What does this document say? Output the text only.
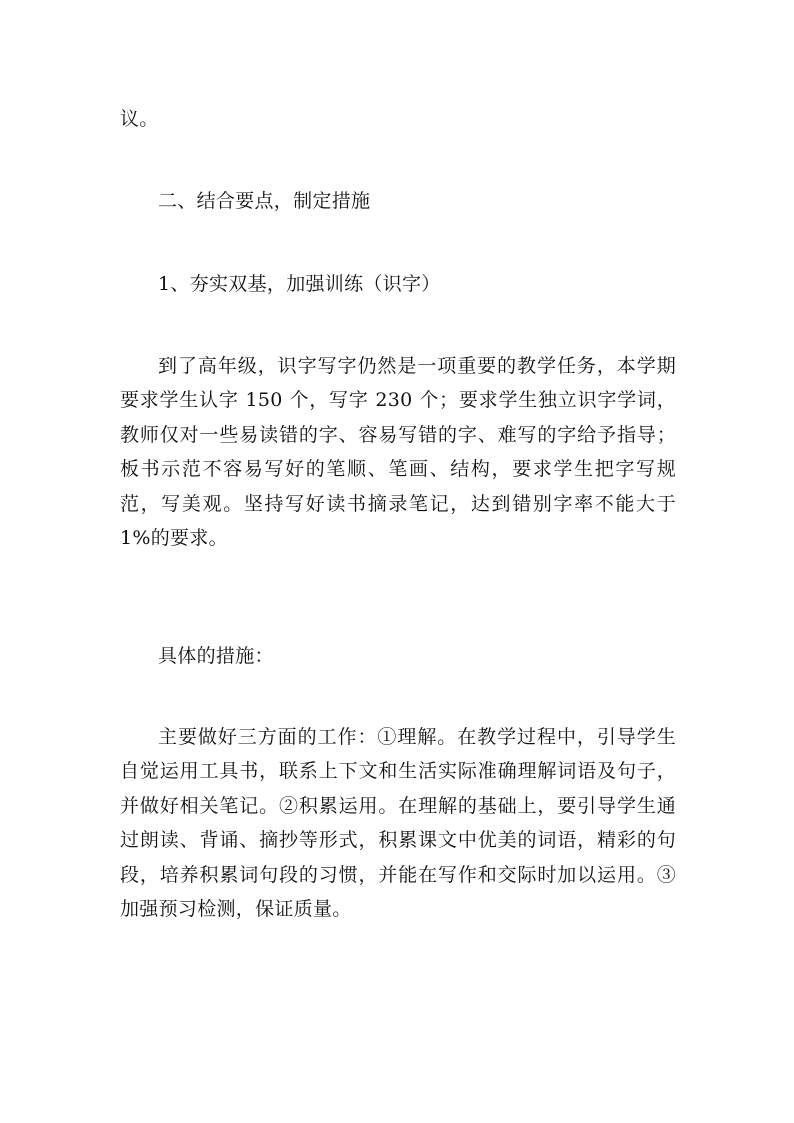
议。

二、结合要点，制定措施

1、夯实双基，加强训练（识字）

到了高年级，识字写字仍然是一项重要的教学任务，本学期要求学生认字 150 个，写字 230 个；要求学生独立识字学词，教师仅对一些易读错的字、容易写错的字、难写的字给予指导；板书示范不容易写好的笔顺、笔画、结构，要求学生把字写规范，写美观。坚持写好读书摘录笔记，达到错别字率不能大于 1%的要求。

具体的措施：

主要做好三方面的工作：①理解。在教学过程中，引导学生自觉运用工具书，联系上下文和生活实际准确理解词语及句子，并做好相关笔记。②积累运用。在理解的基础上，要引导学生通过朗读、背诵、摘抄等形式，积累课文中优美的词语，精彩的句段，培养积累词句段的习惯，并能在写作和交际时加以运用。③加强预习检测，保证质量。
